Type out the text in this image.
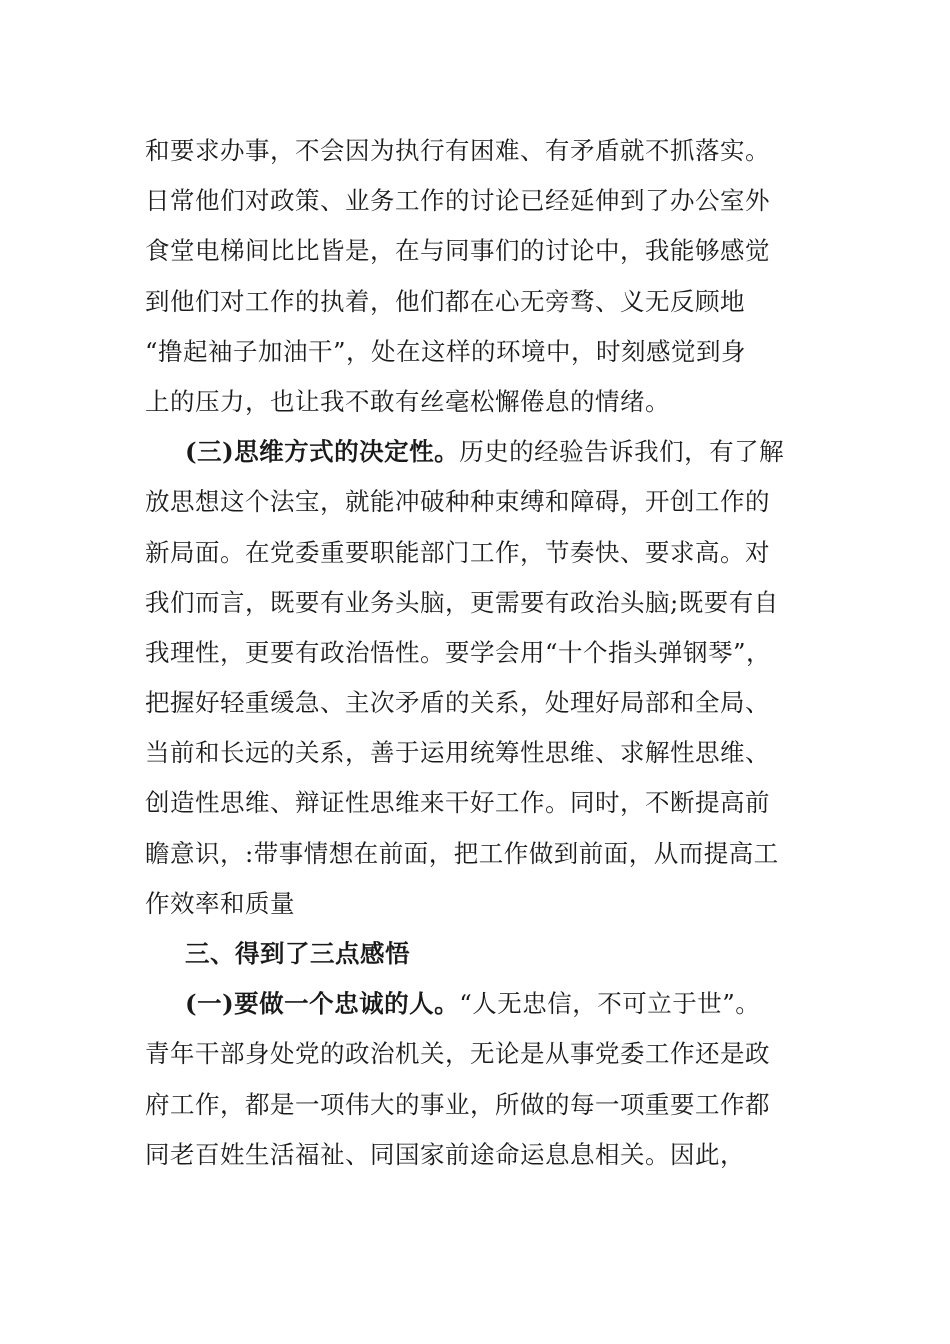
和要求办事，不会因为执行有困难、有矛盾就不抓落实。
日常他们对政策、业务工作的讨论已经延伸到了办公室外
食堂电梯间比比皆是，在与同事们的讨论中，我能够感觉
到他们对工作的执着，他们都在心无旁骛、义无反顾地
“撸起袖子加油干”，处在这样的环境中，时刻感觉到身
上的压力，也让我不敢有丝毫松懈倦息的情绪。
(三)思维方式的决定性。历史的经验告诉我们，有了解
放思想这个法宝，就能冲破种种束缚和障碍，开创工作的
新局面。在党委重要职能部门工作，节奏快、要求高。对
我们而言，既要有业务头脑，更需要有政治头脑;既要有自
我理性，更要有政治悟性。要学会用“十个指头弹钢琴”，
把握好轻重缓急、主次矛盾的关系，处理好局部和全局、
当前和长远的关系，善于运用统筹性思维、求解性思维、
创造性思维、辩证性思维来干好工作。同时，不断提高前
瞻意识，:带事情想在前面，把工作做到前面，从而提高工
作效率和质量
三、得到了三点感悟
(一)要做一个忠诚的人。“人无忠信，不可立于世”。
青年干部身处党的政治机关，无论是从事党委工作还是政
府工作，都是一项伟大的事业，所做的每一项重要工作都
同老百姓生活福祉、同国家前途命运息息相关。因此，
